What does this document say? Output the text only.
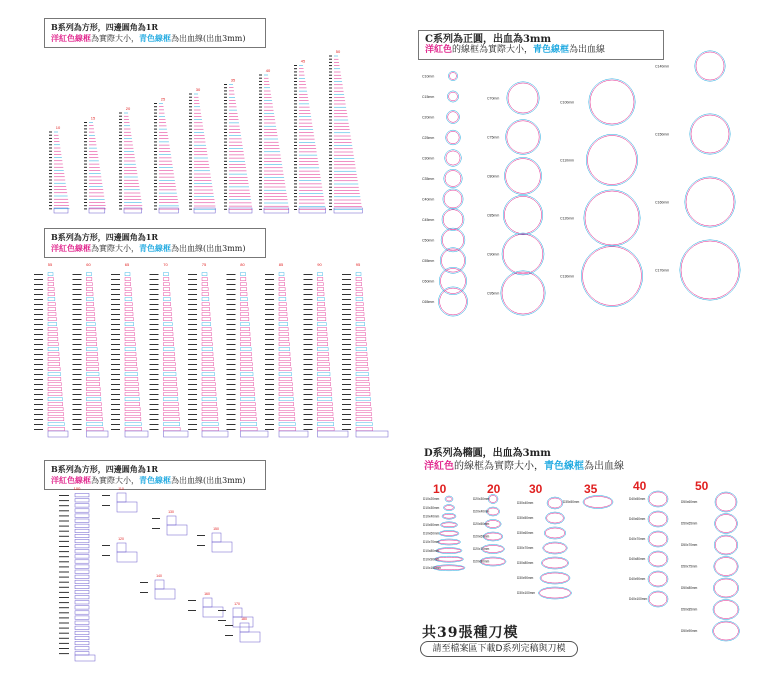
B系列為方形，四邊圓角為1R
洋紅色線框為實際大小，青色線框為出血線(出血3mm)
10
15
20
25
30
35
40
45
50
B系列為方形，四邊圓角為1R
洋紅色線框為實際大小，青色線框為出血線(出血3mm)
55	60	65	70	75	80	85	90	95
B系列為方形，四邊圓角為1R
洋紅色線框為實際大小，青色線框為出血線(出血3mm)
100	110
120
130
140
150
160
170
180
C系列為正圓，出血為3mm
洋紅色的線框為實際大小，青色線框為出血線
C10mm
C15mm
C20mm
C25mm
C30mm
C35mm
C40mm
C45mm
C50mm
C55mm
C60mm
C65mm
C70mm
C75mm
C80mm
C85mm
C90mm
C95mm
C100mm
C110mm
C120mm
C130mm
C140mm
C150mm
C160mm
C170mm
D系列為橢圓，出血為3mm
洋紅色的線框為實際大小，青色線框為出血線
10	20 30	35	40	50
D10x20mm
D10x30mm
D10x40mm
D10x50mm
D10x60mm
D10x70mm
D10x80mm
D10x90mm
D10x100mm
D20x30mm
D20x40mm
D20x50mm
D20x60mm
D20x70mm
D20x80mm
D30x40mm
D30x50mm
D30x60mm
D30x70mm
D30x80mm
D30x90mm
D30x100mm
D35x50mm
D40x50mm
D40x60mm
D40x70mm
D40x80mm
D40x90mm
D40x100mm
D50x60mm
D50x65mm
D50x70mm
D50x75mm
D50x80mm
D50x85mm
D50x90mm
共39張種刀模
請至檔案區下載D系列完稿與刀模
